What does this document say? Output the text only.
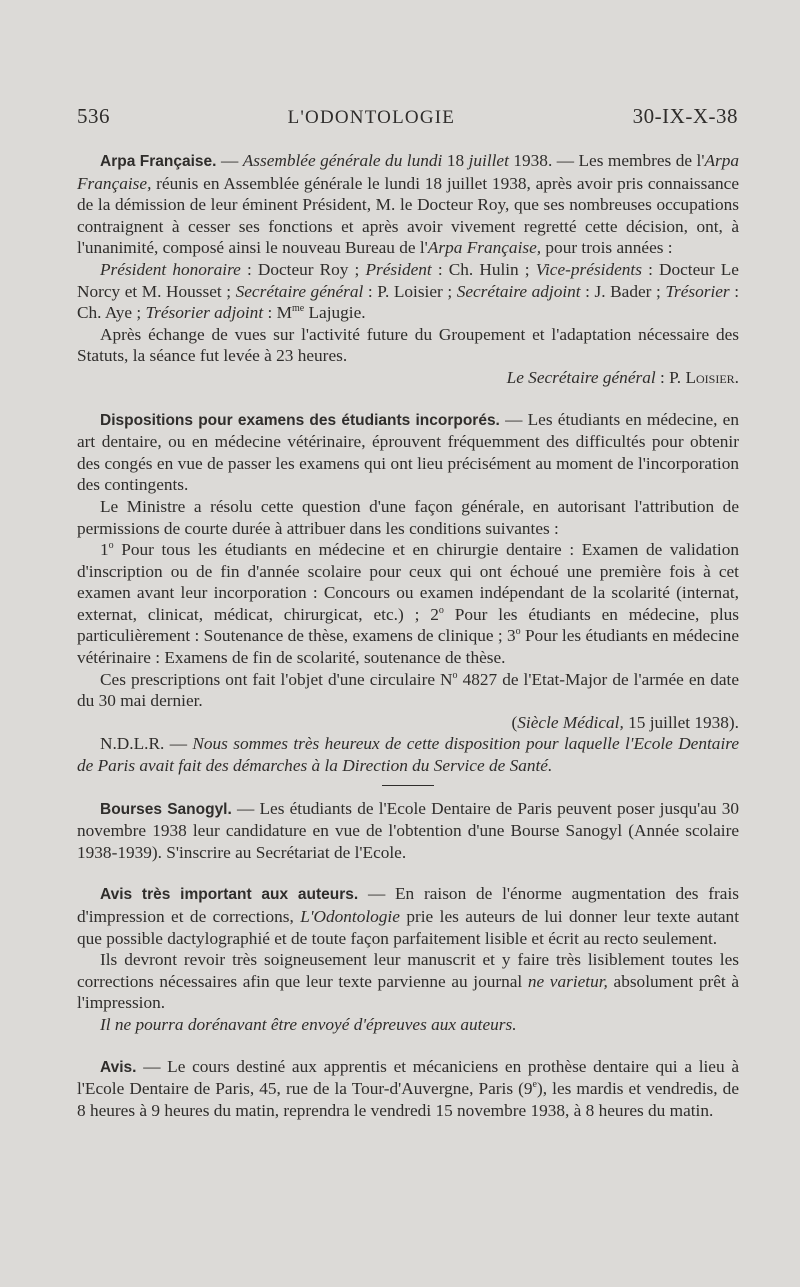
536	L'ODONTOLOGIE	30-IX-X-38

Arpa Française. — Assemblée générale du lundi 18 juillet 1938. — Les membres de l'Arpa Française, réunis en Assemblée générale le lundi 18 juillet 1938, après avoir pris connaissance de la démission de leur éminent Président, M. le Docteur Roy, que ses nombreuses occupations contraignent à cesser ses fonctions et après avoir vivement regretté cette décision, ont, à l'unanimité, composé ainsi le nouveau Bureau de l'Arpa Française, pour trois années :

Président honoraire : Docteur Roy ; Président : Ch. Hulin ; Vice-présidents : Docteur Le Norcy et M. Housset ; Secrétaire général : P. Loisier ; Secrétaire adjoint : J. Bader ; Trésorier : Ch. Aye ; Trésorier adjoint : $M^{me}$ Lajugie.

Après échange de vues sur l'activité future du Groupement et l'adaptation nécessaire des Statuts, la séance fut levée à 23 heures.

Le Secrétaire général : P. Loisier.

Dispositions pour examens des étudiants incorporés. — Les étudiants en médecine, en art dentaire, ou en médecine vétérinaire, éprouvent fréquemment des difficultés pour obtenir des congés en vue de passer les examens qui ont lieu précisément au moment de l'incorporation des contingents.

Le Ministre a résolu cette question d'une façon générale, en autorisant l'attribution de permissions de courte durée à attribuer dans les conditions suivantes :

1$^o$ Pour tous les étudiants en médecine et en chirurgie dentaire : Examen de validation d'inscription ou de fin d'année scolaire pour ceux qui ont échoué une première fois à cet examen avant leur incorporation : Concours ou examen indépendant de la scolarité (internat, externat, clinicat, médicat, chirurgicat, etc.) ; 2$^o$ Pour les étudiants en médecine, plus particulièrement : Soutenance de thèse, examens de clinique ; 3$^o$ Pour les étudiants en médecine vétérinaire : Examens de fin de scolarité, soutenance de thèse.

Ces prescriptions ont fait l'objet d'une circulaire $N^o$ 4827 de l'Etat-Major de l'armée en date du 30 mai dernier.

(Siècle Médical, 15 juillet 1938).

N.D.L.R. — Nous sommes très heureux de cette disposition pour laquelle l'Ecole Dentaire de Paris avait fait des démarches à la Direction du Service de Santé.

Bourses Sanogyl. — Les étudiants de l'Ecole Dentaire de Paris peuvent poser jusqu'au 30 novembre 1938 leur candidature en vue de l'obtention d'une Bourse Sanogyl (Année scolaire 1938-1939). S'inscrire au Secrétariat de l'Ecole.

Avis très important aux auteurs. — En raison de l'énorme augmentation des frais d'impression et de corrections, L'Odontologie prie les auteurs de lui donner leur texte autant que possible dactylographié et de toute façon parfaitement lisible et écrit au recto seulement.

Ils devront revoir très soigneusement leur manuscrit et y faire très lisiblement toutes les corrections nécessaires afin que leur texte parvienne au journal ne varietur, absolument prêt à l'impression.

Il ne pourra dorénavant être envoyé d'épreuves aux auteurs.

Avis. — Le cours destiné aux apprentis et mécaniciens en prothèse dentaire qui a lieu à l'Ecole Dentaire de Paris, 45, rue de la Tour-d'Auvergne, Paris (9e), les mardis et vendredis, de 8 heures à 9 heures du matin, reprendra le vendredi 15 novembre 1938, à 8 heures du matin.
